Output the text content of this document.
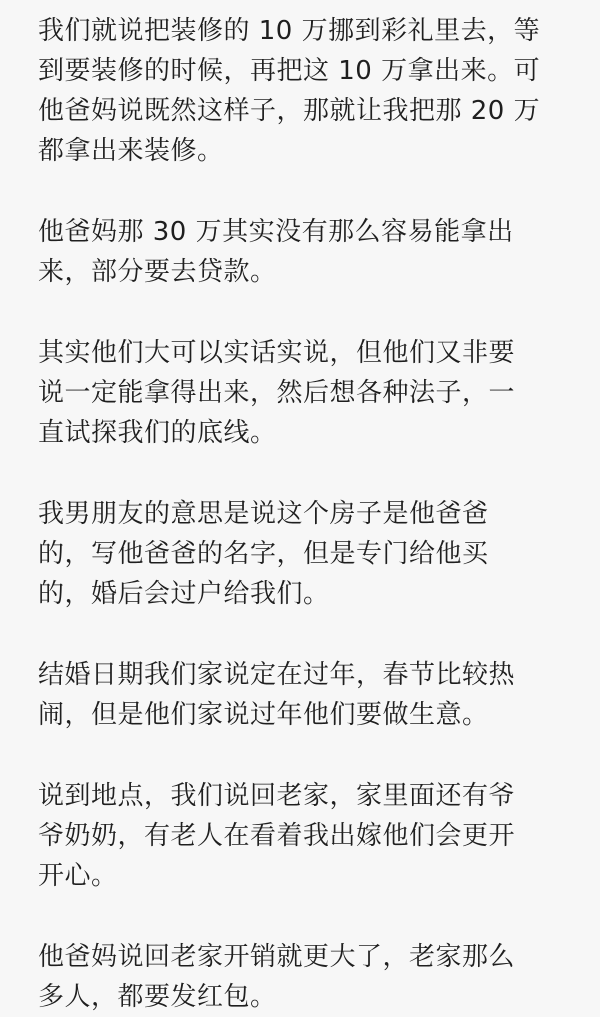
我们就说把装修的 10 万挪到彩礼里去，等
到要装修的时候，再把这 10 万拿出来。可
他爸妈说既然这样子，那就让我把那 20 万
都拿出来装修。

他爸妈那 30 万其实没有那么容易能拿出
来，部分要去贷款。

其实他们大可以实话实说，但他们又非要
说一定能拿得出来，然后想各种法子，一
直试探我们的底线。

我男朋友的意思是说这个房子是他爸爸
的，写他爸爸的名字，但是专门给他买
的，婚后会过户给我们。

结婚日期我们家说定在过年，春节比较热
闹，但是他们家说过年他们要做生意。

说到地点，我们说回老家，家里面还有爷
爷奶奶，有老人在看着我出嫁他们会更开
开心。

他爸妈说回老家开销就更大了，老家那么
多人，都要发红包。
